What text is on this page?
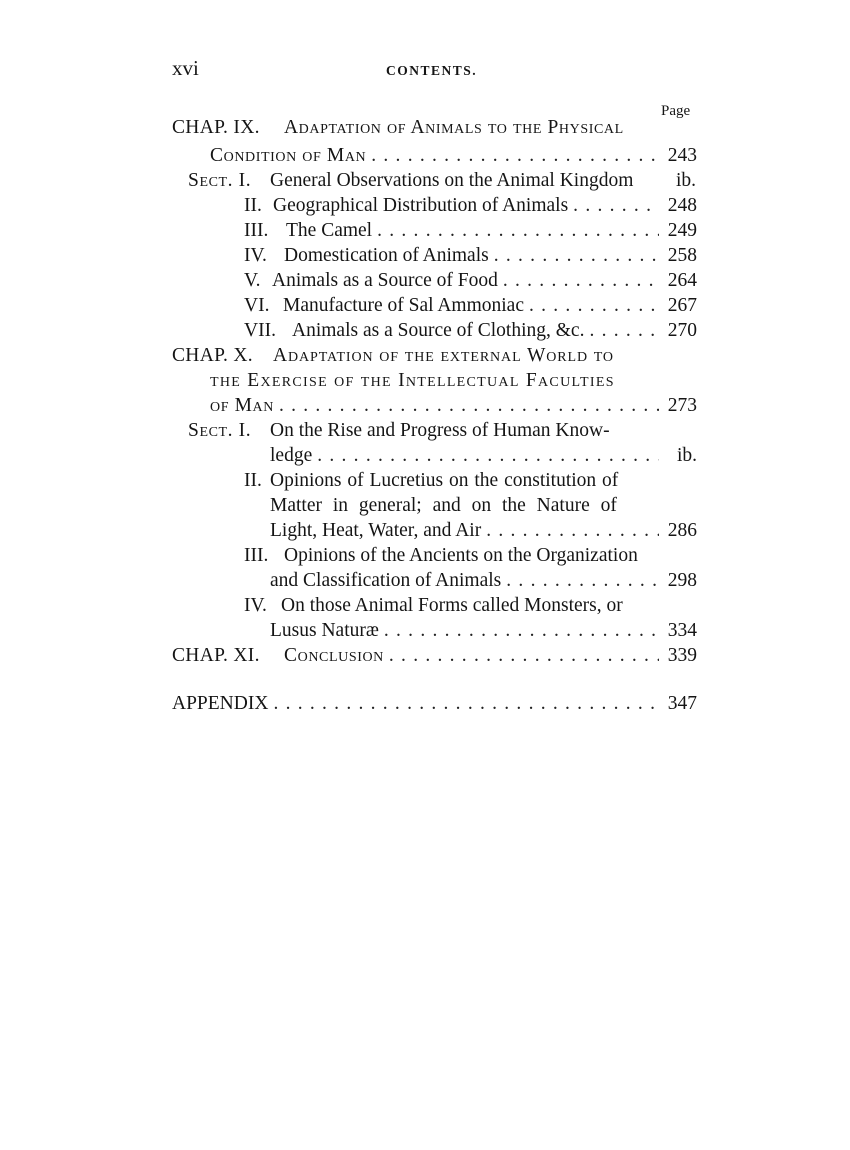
xvi	CONTENTS.
Page
CHAP. IX. Adaptation of Animals to the Physical
Condition of Man . . .	243
Sect. I. General Observations on the Animal Kingdom	ib.
II. Geographical Distribution of Animals . . .	248
III. The Camel . . .	249
IV. Domestication of Animals . . .	258
V. Animals as a Source of Food . . .	264
VI. Manufacture of Sal Ammoniac . . .	267
VII. Animals as a Source of Clothing, &c. . . .	270
CHAP. X. Adaptation of the external World to
the Exercise of the Intellectual Faculties
of Man . . .	273
Sect. I. On the Rise and Progress of Human Know-
ledge . . .	ib.
II. Opinions of Lucretius on the constitution of
Matter in general; and on the Nature of
Light, Heat, Water, and Air . . .	286
III. Opinions of the Ancients on the Organization
and Classification of Animals . . .	298
IV. On those Animal Forms called Monsters, or
Lusus Naturæ . . .	334
CHAP. XI. Conclusion . . .	339
APPENDIX . . .	347
